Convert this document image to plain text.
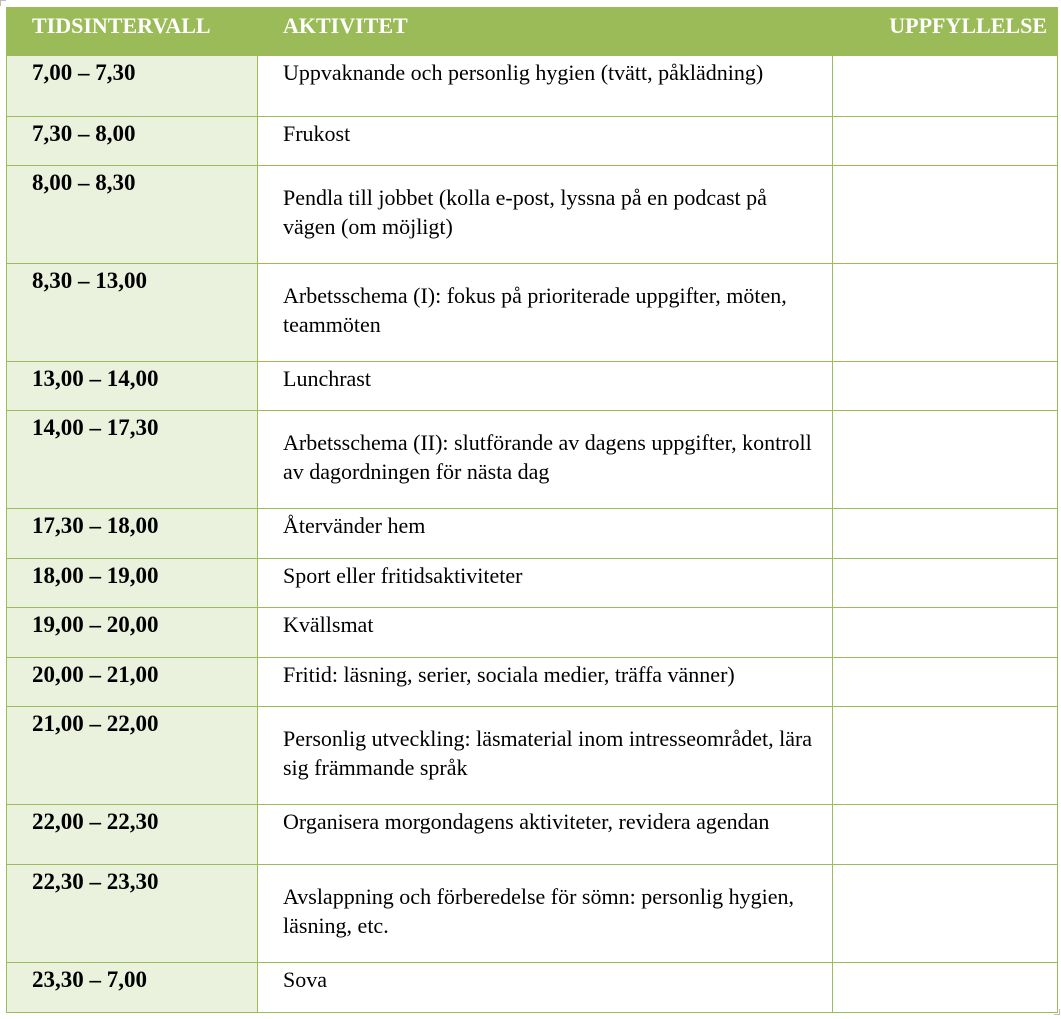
TIDSINTERVALL	AKTIVITET	UPPFYLLELSE
7,00 – 7,30	Uppvaknande och personlig hygien (tvätt, påklädning)	
7,30 – 8,00	Frukost	
8,00 – 8,30	Pendla till jobbet (kolla e-post, lyssna på en podcast på vägen (om möjligt)	
8,30 – 13,00	Arbetsschema (I): fokus på prioriterade uppgifter, möten, teammöten	
13,00 – 14,00	Lunchrast	
14,00 – 17,30	Arbetsschema (II): slutförande av dagens uppgifter, kontroll av dagordningen för nästa dag	
17,30 – 18,00	Återvänder hem	
18,00 – 19,00	Sport eller fritidsaktiviteter	
19,00 – 20,00	Kvällsmat	
20,00 – 21,00	Fritid: läsning, serier, sociala medier, träffa vänner)	
21,00 – 22,00	Personlig utveckling: läsmaterial inom intresseområdet, lära sig främmande språk	
22,00 – 22,30	Organisera morgondagens aktiviteter, revidera agendan	
22,30 – 23,30	Avslappning och förberedelse för sömn: personlig hygien, läsning, etc.	
23,30 – 7,00	Sova	
